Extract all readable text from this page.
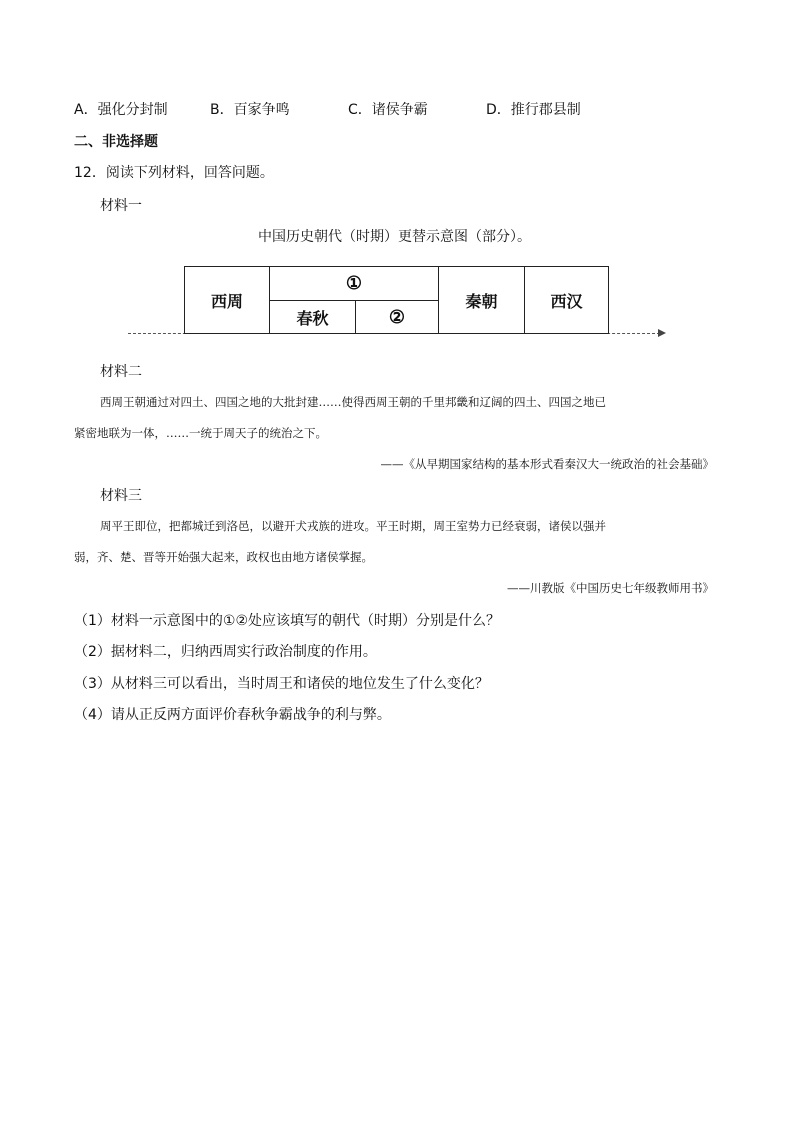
A．强化分封制	B．百家争鸣	C．诸侯争霸	D．推行郡县制
二、非选择题
12．阅读下列材料，回答问题。
材料一
中国历史朝代（时期）更替示意图（部分）。
西周
①
春秋	②
秦朝	西汉
材料二
西周王朝通过对四土、四国之地的大批封建……使得西周王朝的千里邦畿和辽阔的四土、四国之地已
紧密地联为一体，……一统于周天子的统治之下。
——《从早期国家结构的基本形式看秦汉大一统政治的社会基础》
材料三
周平王即位，把都城迁到洛邑，以避开犬戎族的进攻。平王时期，周王室势力已经衰弱，诸侯以强并
弱，齐、楚、晋等开始强大起来，政权也由地方诸侯掌握。
——川教版《中国历史七年级教师用书》
（1）材料一示意图中的①②处应该填写的朝代（时期）分别是什么？
（2）据材料二，归纳西周实行政治制度的作用。
（3）从材料三可以看出，当时周王和诸侯的地位发生了什么变化？
（4）请从正反两方面评价春秋争霸战争的利与弊。
